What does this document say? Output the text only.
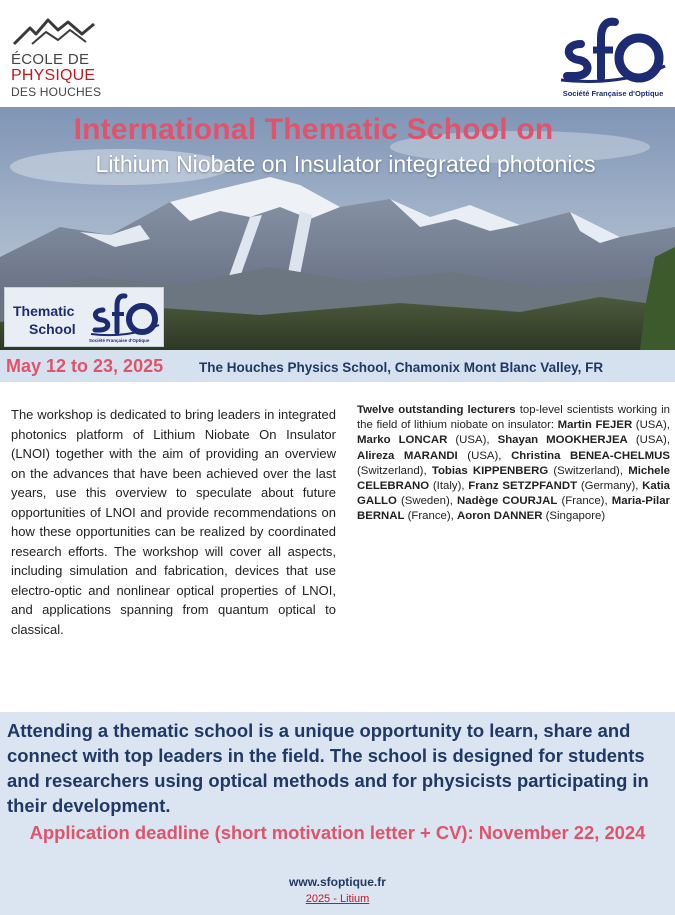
ÉCOLE DE
PHYSIQUE
DES HOUCHES	Société Française d'Optique
International Thematic School on
Lithium Niobate on Insulator integrated photonics
Thematic
School
Société Française d'Optique
May 12 to 23, 2025	The Houches Physics School, Chamonix Mont Blanc Valley, FR
The workshop is dedicated to bring leaders in integrated photonics platform of Lithium Niobate On Insulator (LNOI) together with the aim of providing an overview on the advances that have been achieved over the last years, use this overview to speculate about future opportunities of LNOI and provide recommendations on how these opportunities can be realized by coordinated research efforts. The workshop will cover all aspects, including simulation and fabrication, devices that use electro-optic and nonlinear optical properties of LNOI, and applications spanning from quantum optical to classical.
Twelve outstanding lecturers top-level scientists working in the field of lithium niobate on insulator: Martin FEJER (USA), Marko LONCAR (USA), Shayan MOOKHERJEA (USA), Alireza MARANDI (USA), Christina BENEA-CHELMUS (Switzerland), Tobias KIPPENBERG (Switzerland), Michele CELEBRANO (Italy), Franz SETZPFANDT (Germany), Katia GALLO (Sweden), Nadège COURJAL (France), Maria-Pilar BERNAL (France), Aoron DANNER (Singapore)
Attending a thematic school is a unique opportunity to learn, share and connect with top leaders in the field. The school is designed for students and researchers using optical methods and for physicists participating in their development.
Application deadline (short motivation letter + CV): November 22, 2024
www.sfoptique.fr
2025 - Litium
